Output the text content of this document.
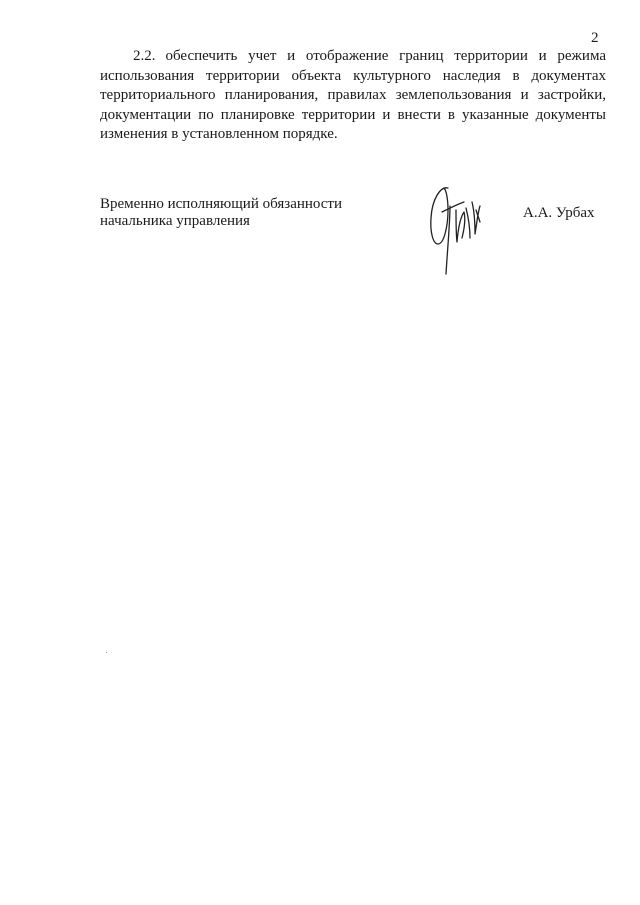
2

2.2. обеспечить учет и отображение границ территории и режима использования территории объекта культурного наследия в документах территориального планирования, правилах землепользования и застройки, документации по планировке территории и внести в указанные документы изменения в установленном порядке.

Временно исполняющий обязанности
начальника управления	А.А. Урбах
